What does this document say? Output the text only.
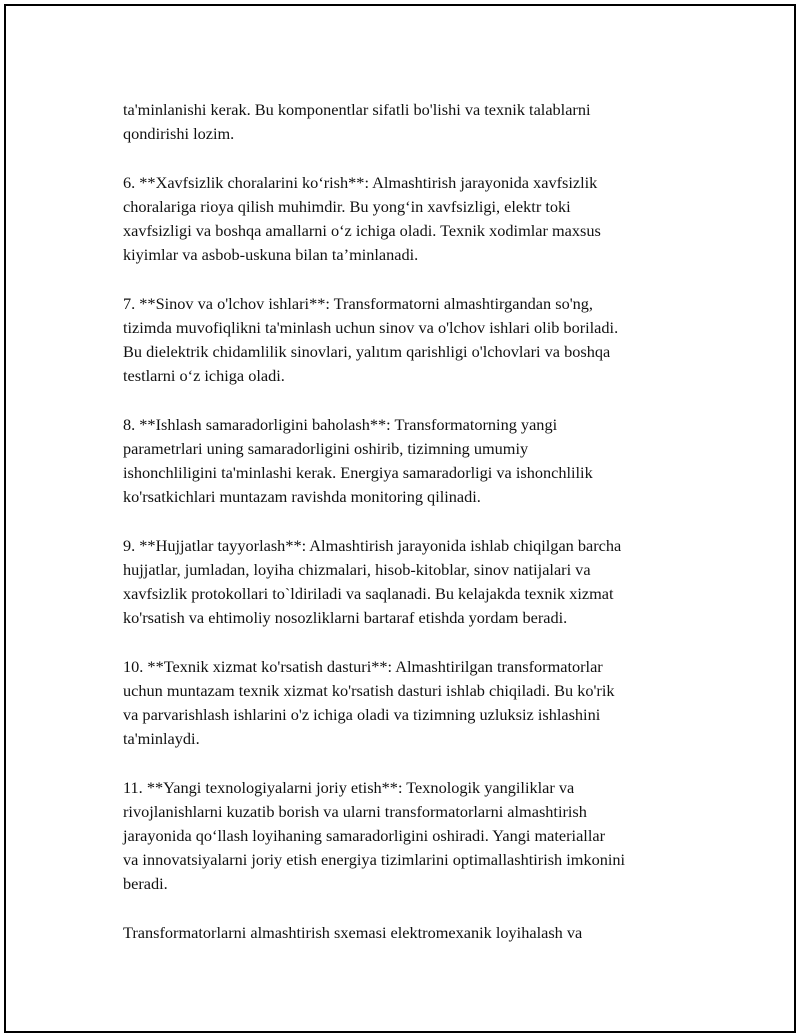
ta'minlanishi kerak. Bu komponentlar sifatli bo'lishi va texnik talablarni
qondirishi lozim.

6. **Xavfsizlik choralarini ko‘rish**: Almashtirish jarayonida xavfsizlik
choralariga rioya qilish muhimdir. Bu yong‘in xavfsizligi, elektr toki
xavfsizligi va boshqa amallarni o‘z ichiga oladi. Texnik xodimlar maxsus
kiyimlar va asbob-uskuna bilan ta’minlanadi.

7. **Sinov va o'lchov ishlari**: Transformatorni almashtirgandan so'ng,
tizimda muvofiqlikni ta'minlash uchun sinov va o'lchov ishlari olib boriladi.
Bu dielektrik chidamlilik sinovlari, yalıtım qarishligi o'lchovlari va boshqa
testlarni o‘z ichiga oladi.

8. **Ishlash samaradorligini baholash**: Transformatorning yangi
parametrlari uning samaradorligini oshirib, tizimning umumiy
ishonchliligini ta'minlashi kerak. Energiya samaradorligi va ishonchlilik
ko'rsatkichlari muntazam ravishda monitoring qilinadi.

9. **Hujjatlar tayyorlash**: Almashtirish jarayonida ishlab chiqilgan barcha
hujjatlar, jumladan, loyiha chizmalari, hisob-kitoblar, sinov natijalari va
xavfsizlik protokollari to`ldiriladi va saqlanadi. Bu kelajakda texnik xizmat
ko'rsatish va ehtimoliy nosozliklarni bartaraf etishda yordam beradi.

10. **Texnik xizmat ko'rsatish dasturi**: Almashtirilgan transformatorlar
uchun muntazam texnik xizmat ko'rsatish dasturi ishlab chiqiladi. Bu ko'rik
va parvarishlash ishlarini o'z ichiga oladi va tizimning uzluksiz ishlashini
ta'minlaydi.

11. **Yangi texnologiyalarni joriy etish**: Texnologik yangiliklar va
rivojlanishlarni kuzatib borish va ularni transformatorlarni almashtirish
jarayonida qo‘llash loyihaning samaradorligini oshiradi. Yangi materiallar
va innovatsiyalarni joriy etish energiya tizimlarini optimallashtirish imkonini
beradi.

Transformatorlarni almashtirish sxemasi elektromexanik loyihalash va
